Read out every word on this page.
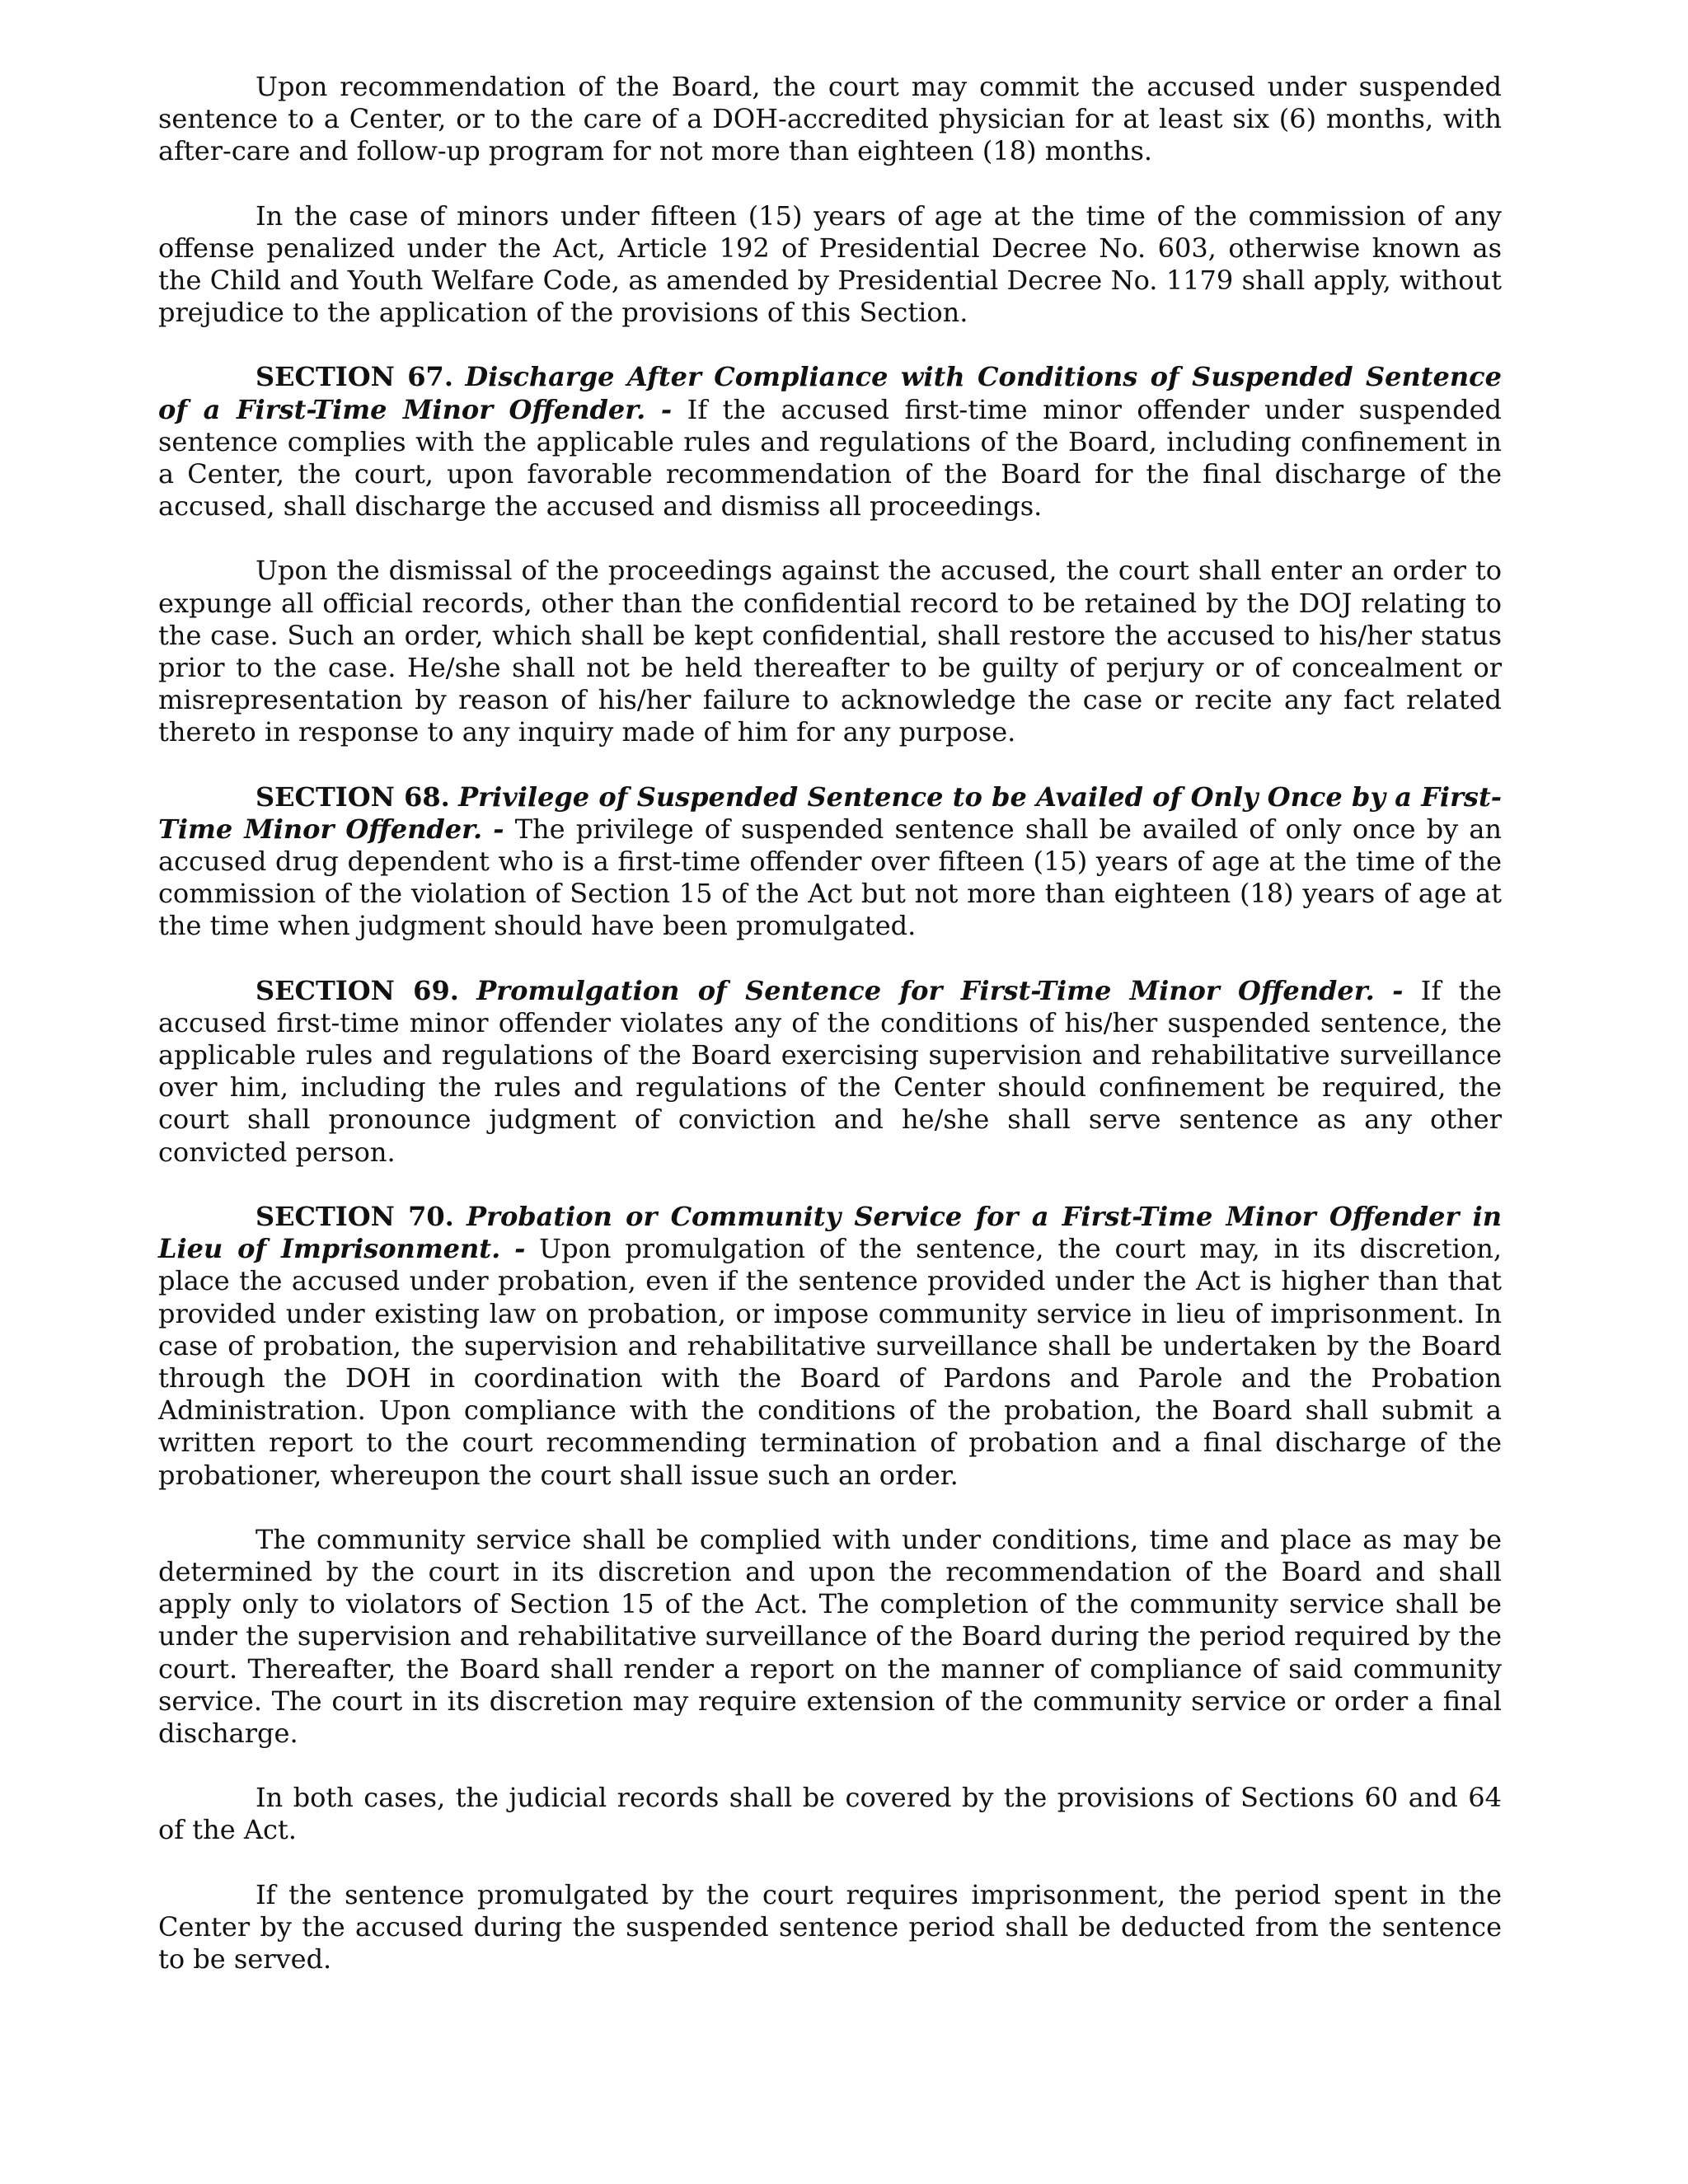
Upon recommendation of the Board, the court may commit the accused under suspended sentence to a Center, or to the care of a DOH-accredited physician for at least six (6) months, with after-care and follow-up program for not more than eighteen (18) months.

In the case of minors under fifteen (15) years of age at the time of the commission of any offense penalized under the Act, Article 192 of Presidential Decree No. 603, otherwise known as the Child and Youth Welfare Code, as amended by Presidential Decree No. 1179 shall apply, without prejudice to the application of the provisions of this Section.

SECTION 67. Discharge After Compliance with Conditions of Suspended Sentence of a First-Time Minor Offender. - If the accused first-time minor offender under suspended sentence complies with the applicable rules and regulations of the Board, including confinement in a Center, the court, upon favorable recommendation of the Board for the final discharge of the accused, shall discharge the accused and dismiss all proceedings.

Upon the dismissal of the proceedings against the accused, the court shall enter an order to expunge all official records, other than the confidential record to be retained by the DOJ relating to the case. Such an order, which shall be kept confidential, shall restore the accused to his/her status prior to the case. He/she shall not be held thereafter to be guilty of perjury or of concealment or misrepresentation by reason of his/her failure to acknowledge the case or recite any fact related thereto in response to any inquiry made of him for any purpose.

SECTION 68. Privilege of Suspended Sentence to be Availed of Only Once by a First-Time Minor Offender. - The privilege of suspended sentence shall be availed of only once by an accused drug dependent who is a first-time offender over fifteen (15) years of age at the time of the commission of the violation of Section 15 of the Act but not more than eighteen (18) years of age at the time when judgment should have been promulgated.

SECTION 69. Promulgation of Sentence for First-Time Minor Offender. - If the accused first-time minor offender violates any of the conditions of his/her suspended sentence, the applicable rules and regulations of the Board exercising supervision and rehabilitative surveillance over him, including the rules and regulations of the Center should confinement be required, the court shall pronounce judgment of conviction and he/she shall serve sentence as any other convicted person.

SECTION 70. Probation or Community Service for a First-Time Minor Offender in Lieu of Imprisonment. - Upon promulgation of the sentence, the court may, in its discretion, place the accused under probation, even if the sentence provided under the Act is higher than that provided under existing law on probation, or impose community service in lieu of imprisonment. In case of probation, the supervision and rehabilitative surveillance shall be undertaken by the Board through the DOH in coordination with the Board of Pardons and Parole and the Probation Administration. Upon compliance with the conditions of the probation, the Board shall submit a written report to the court recommending termination of probation and a final discharge of the probationer, whereupon the court shall issue such an order.

The community service shall be complied with under conditions, time and place as may be determined by the court in its discretion and upon the recommendation of the Board and shall apply only to violators of Section 15 of the Act. The completion of the community service shall be under the supervision and rehabilitative surveillance of the Board during the period required by the court. Thereafter, the Board shall render a report on the manner of compliance of said community service. The court in its discretion may require extension of the community service or order a final discharge.

In both cases, the judicial records shall be covered by the provisions of Sections 60 and 64 of the Act.

If the sentence promulgated by the court requires imprisonment, the period spent in the Center by the accused during the suspended sentence period shall be deducted from the sentence to be served.
